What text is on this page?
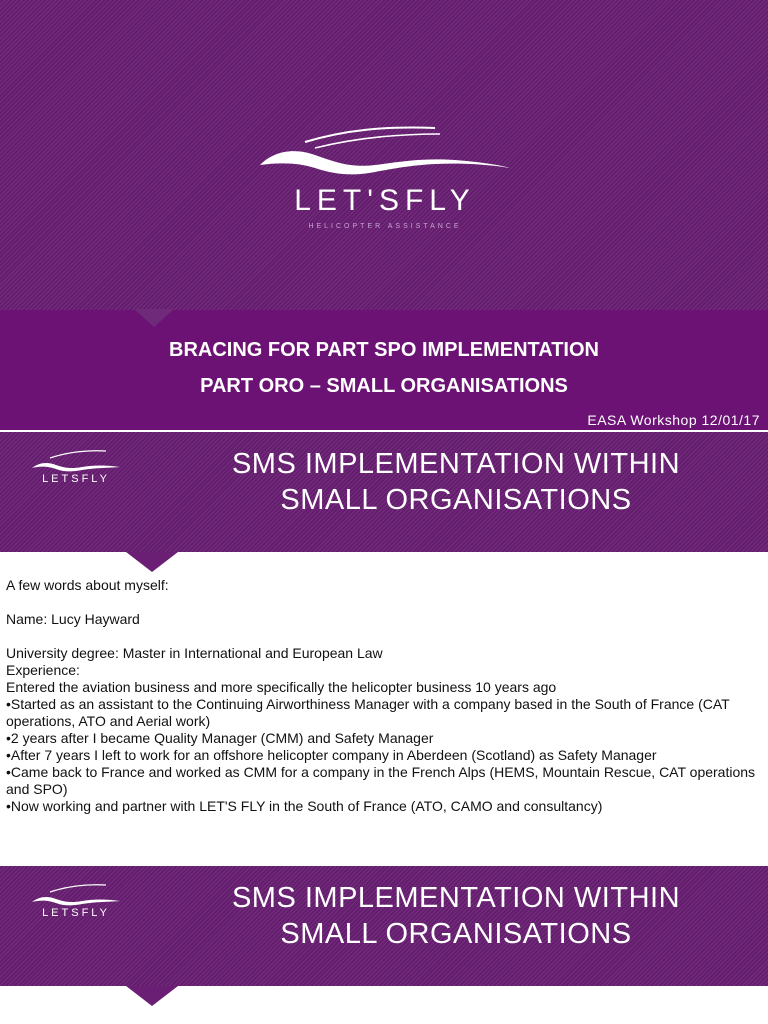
LET'SFLY
HELICOPTER ASSISTANCE
BRACING FOR PART SPO IMPLEMENTATION
PART ORO – SMALL ORGANISATIONS
EASA Workshop 12/01/17
LETSFLY	SMS IMPLEMENTATION WITHIN
SMALL ORGANISATIONS

A few words about myself:

Name: Lucy Hayward

University degree: Master in International and European Law

Experience:

Entered the aviation business and more specifically the helicopter business 10 years ago

•Started as an assistant to the Continuing Airworthiness Manager with a company based in the South of France (CAT operations, ATO and Aerial work)

•2 years after I became Quality Manager (CMM) and Safety Manager

•After 7 years I left to work for an offshore helicopter company in Aberdeen (Scotland) as Safety Manager

•Came back to France and worked as CMM for a company in the French Alps (HEMS, Mountain Rescue, CAT operations and SPO)

•Now working and partner with LET'S FLY in the South of France (ATO, CAMO and consultancy)

LETSFLY	SMS IMPLEMENTATION WITHIN
SMALL ORGANISATIONS
